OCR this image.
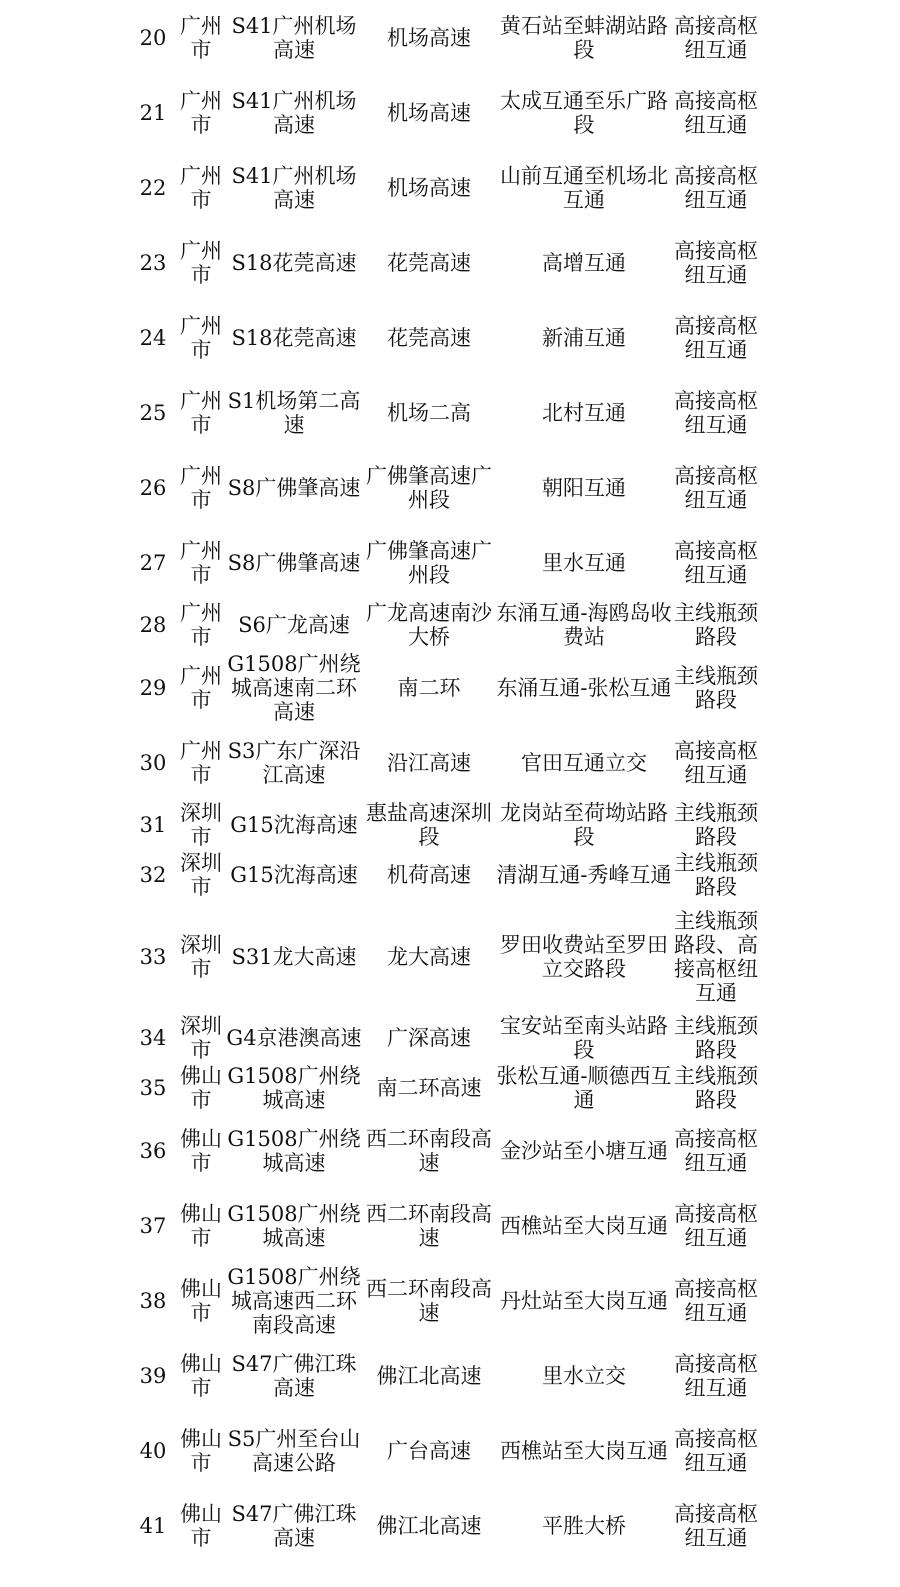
20	广州市	S41广州机场高速	机场高速	黄石站至蚌湖站路段	高接高枢纽互通
21	广州市	S41广州机场高速	机场高速	太成互通至乐广路段	高接高枢纽互通
22	广州市	S41广州机场高速	机场高速	山前互通至机场北互通	高接高枢纽互通
23	广州市	S18花莞高速	花莞高速	高增互通	高接高枢纽互通
24	广州市	S18花莞高速	花莞高速	新浦互通	高接高枢纽互通
25	广州市	S1机场第二高速	机场二高	北村互通	高接高枢纽互通
26	广州市	S8广佛肇高速	广佛肇高速广州段	朝阳互通	高接高枢纽互通
27	广州市	S8广佛肇高速	广佛肇高速广州段	里水互通	高接高枢纽互通
28	广州市	S6广龙高速	广龙高速南沙大桥	东涌互通-海鸥岛收费站	主线瓶颈路段
29	广州市	G1508广州绕城高速南二环高速	南二环	东涌互通-张松互通	主线瓶颈路段
30	广州市	S3广东广深沿江高速	沿江高速	官田互通立交	高接高枢纽互通
31	深圳市	G15沈海高速	惠盐高速深圳段	龙岗站至荷坳站路段	主线瓶颈路段
32	深圳市	G15沈海高速	机荷高速	清湖互通-秀峰互通	主线瓶颈路段
33	深圳市	S31龙大高速	龙大高速	罗田收费站至罗田立交路段	主线瓶颈路段、高接高枢纽互通
34	深圳市	G4京港澳高速	广深高速	宝安站至南头站路段	主线瓶颈路段
35	佛山市	G1508广州绕城高速	南二环高速	张松互通-顺德西互通	主线瓶颈路段
36	佛山市	G1508广州绕城高速	西二环南段高速	金沙站至小塘互通	高接高枢纽互通
37	佛山市	G1508广州绕城高速	西二环南段高速	西樵站至大岗互通	高接高枢纽互通
38	佛山市	G1508广州绕城高速西二环南段高速	西二环南段高速	丹灶站至大岗互通	高接高枢纽互通
39	佛山市	S47广佛江珠高速	佛江北高速	里水立交	高接高枢纽互通
40	佛山市	S5广州至台山高速公路	广台高速	西樵站至大岗互通	高接高枢纽互通
41	佛山市	S47广佛江珠高速	佛江北高速	平胜大桥	高接高枢纽互通
